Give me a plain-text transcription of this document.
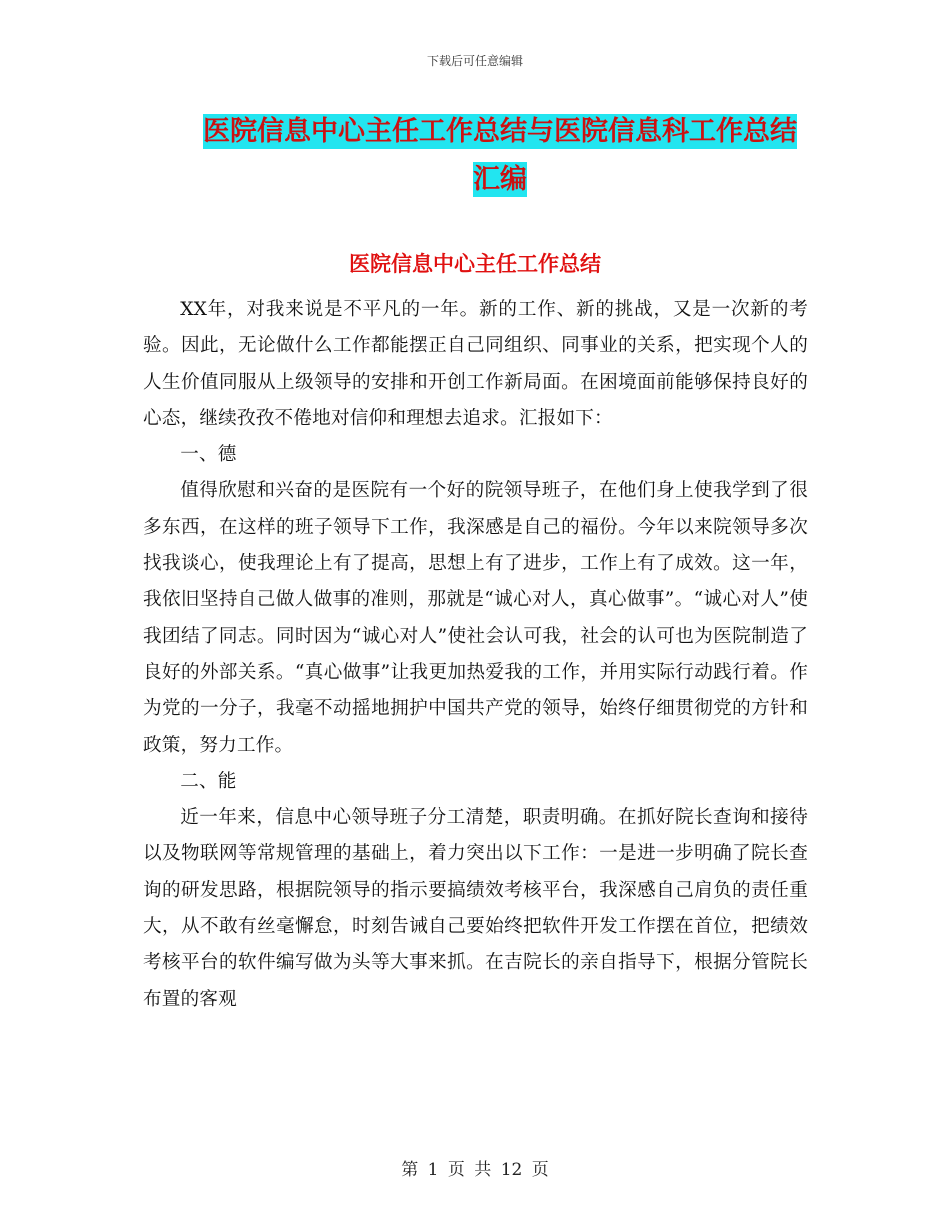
下载后可任意编辑
医院信息中心主任工作总结与医院信息科工作总结汇编
医院信息中心主任工作总结

XX年，对我来说是不平凡的一年。新的工作、新的挑战，又是一次新的考验。因此，无论做什么工作都能摆正自己同组织、同事业的关系，把实现个人的人生价值同服从上级领导的安排和开创工作新局面。在困境面前能够保持良好的心态，继续孜孜不倦地对信仰和理想去追求。汇报如下：

一、德

值得欣慰和兴奋的是医院有一个好的院领导班子，在他们身上使我学到了很多东西，在这样的班子领导下工作，我深感是自己的福份。今年以来院领导多次找我谈心，使我理论上有了提高，思想上有了进步，工作上有了成效。这一年，我依旧坚持自己做人做事的准则，那就是“诚心对人，真心做事”。“诚心对人”使我团结了同志。同时因为“诚心对人”使社会认可我，社会的认可也为医院制造了良好的外部关系。“真心做事”让我更加热爱我的工作，并用实际行动践行着。作为党的一分子，我毫不动摇地拥护中国共产党的领导，始终仔细贯彻党的方针和政策，努力工作。

二、能

近一年来，信息中心领导班子分工清楚，职责明确。在抓好院长查询和接待以及物联网等常规管理的基础上，着力突出以下工作：一是进一步明确了院长查询的研发思路，根据院领导的指示要搞绩效考核平台，我深感自己肩负的责任重大，从不敢有丝毫懈怠，时刻告诫自己要始终把软件开发工作摆在首位，把绩效考核平台的软件编写做为头等大事来抓。在吉院长的亲自指导下，根据分管院长布置的客观

第 1 页 共 12 页
